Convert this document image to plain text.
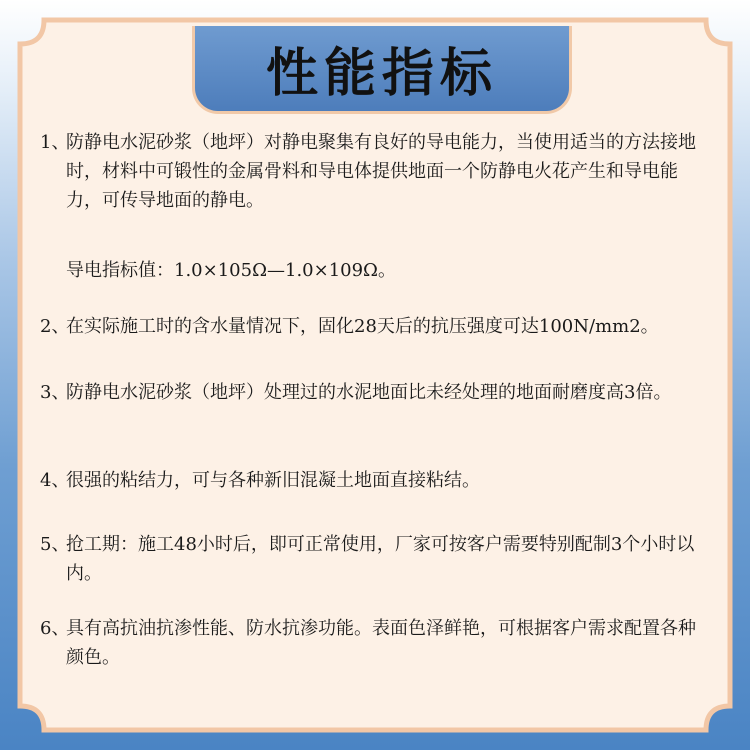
性能指标
1、
防静电水泥砂浆（地坪）对静电聚集有良好的导电能力，当使用适当的方法接地时，材料中可锻性的金属骨料和导电体提供地面一个防静电火花产生和导电能力，可传导地面的静电。
导电指标值：1.0×105Ω—1.0×109Ω。
2、
在实际施工时的含水量情况下，固化28天后的抗压强度可达100N/mm2。
3、
防静电水泥砂浆（地坪）处理过的水泥地面比未经处理的地面耐磨度高3倍。
4、
很强的粘结力，可与各种新旧混凝土地面直接粘结。
5、
抢工期：施工48小时后，即可正常使用，厂家可按客户需要特别配制3个小时以内。
6、
具有高抗油抗渗性能、防水抗渗功能。表面色泽鲜艳，可根据客户需求配置各种颜色。
